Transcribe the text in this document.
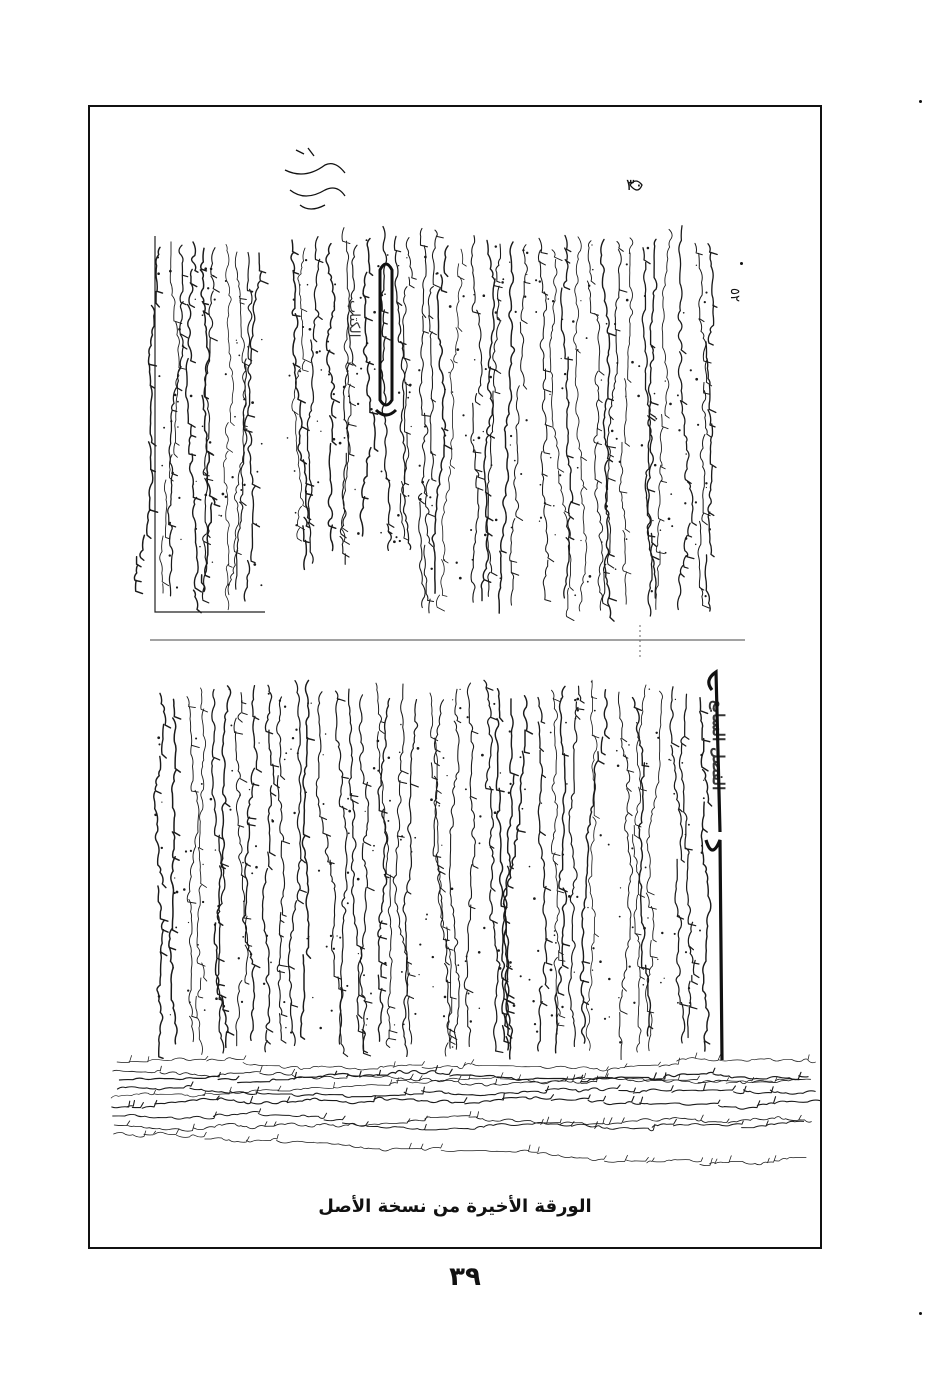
٣٠
٥٢
الكتاب
الفصل السابع
الورقة الأخيرة من نسخة الأصل
٣٩
